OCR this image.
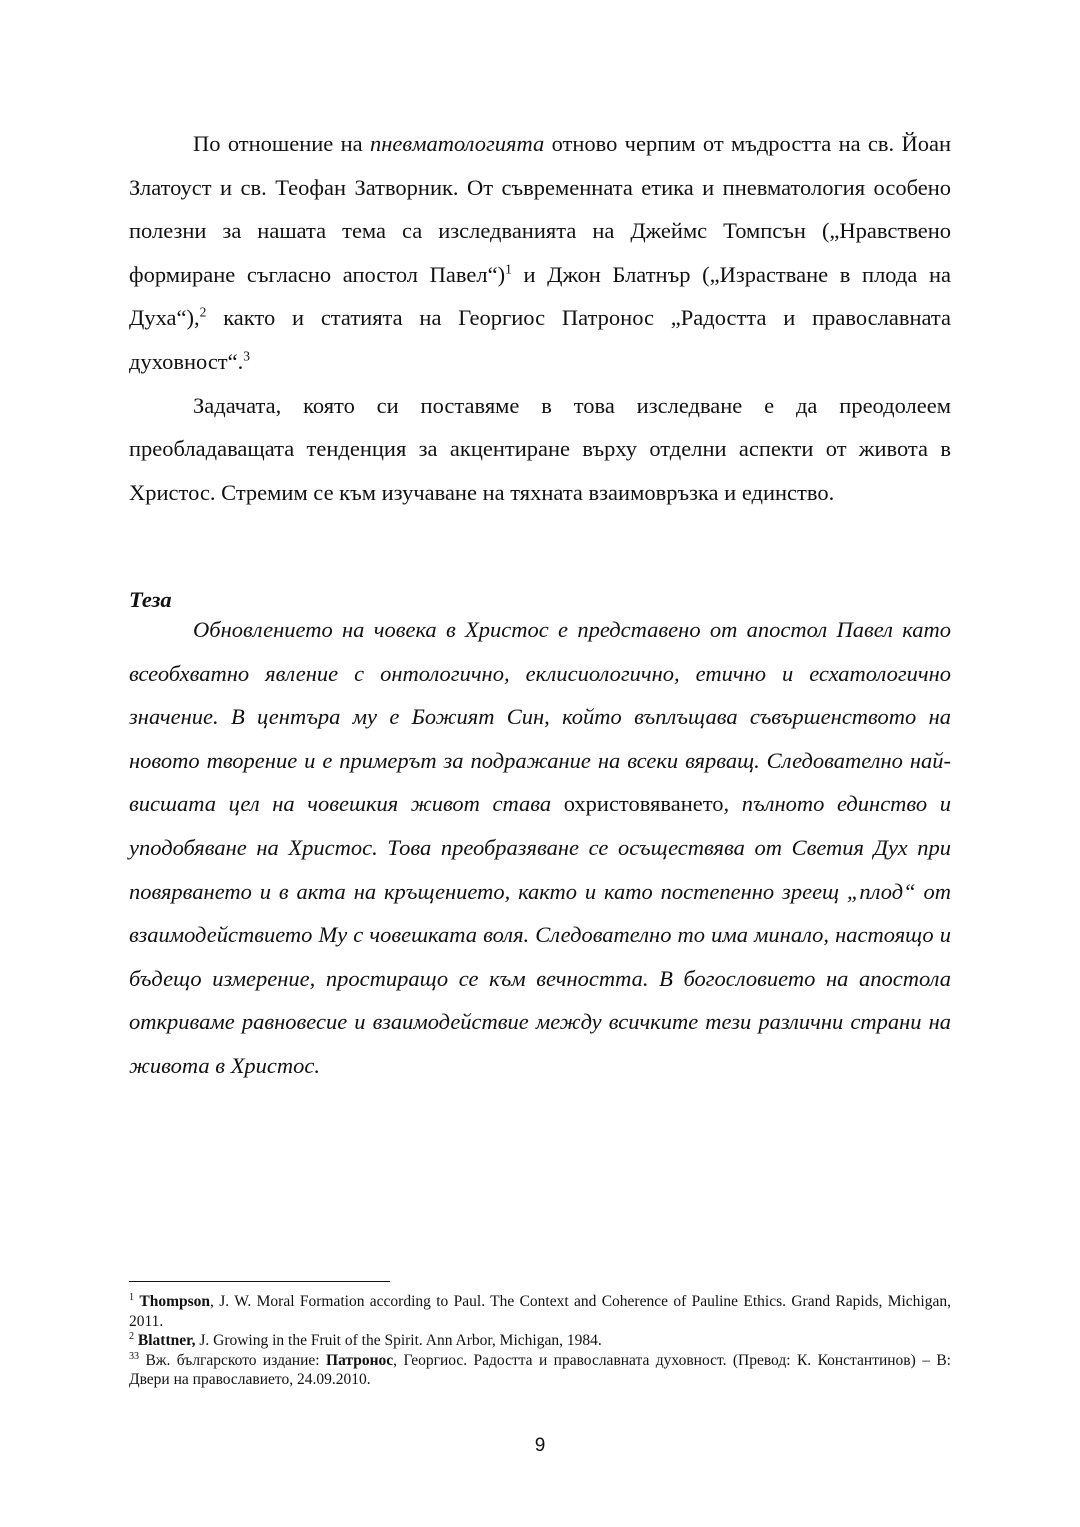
По отношение на пневматологията отново черпим от мъдростта на св. Йоан Златоуст и св. Теофан Затворник. От съвременната етика и пневматология особено полезни за нашата тема са изследванията на Джеймс Томпсън („Нравствено формиране съгласно апостол Павел“)$^1$ и Джон Блатнър („Израстване в плода на Духа“),$^2$ както и статията на Георгиос Патронос „Радостта и православната духовност“.$^3$

Задачата, която си поставяме в това изследване е да преодолеем преобладаващата тенденция за акцентиране върху отделни аспекти от живота в Христос. Стремим се към изучаване на тяхната взаимовръзка и единство.

Теза
Обновлението на човека в Христос е представено от апостол Павел като всеобхватно явление с онтологично, еклисиологично, етично и есхатологично значение. В центъра му е Божият Син, който въплъщава съвършенството на новото творение и е примерът за подражание на всеки вярващ. Следователно най-висшата цел на човешкия живот става охристовяването, пълното единство и уподобяване на Христос. Това преобразяване се осъществява от Светия Дух при повярването и в акта на кръщението, както и като постепенно зреещ „плод“ от взаимодействието Му с човешката воля. Следователно то има минало, настоящо и бъдещо измерение, простиращо се към вечността. В богословието на апостола откриваме равновесие и взаимодействие между всичките тези различни страни на живота в Христос.

$^1$ Thompson, J. W. Moral Formation according to Paul. The Context and Coherence of Pauline Ethics. Grand Rapids, Michigan, 2011.

$^2$ Blattner, J. Growing in the Fruit of the Spirit. Ann Arbor, Michigan, 1984.

$^{33}$ Вж. българското издание: Патронос, Георгиос. Радостта и православната духовност. (Превод: К. Константинов) – В: Двери на православието, 24.09.2010.

9
